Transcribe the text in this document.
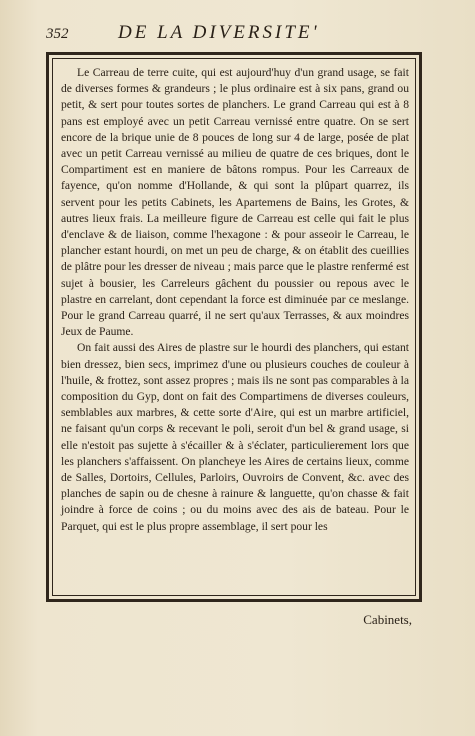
352	DE LA DIVERSITE'

Le Carreau de terre cuite, qui est aujourd'huy d'un grand usage, se fait de diverses formes & grandeurs ; le plus ordinaire est à six pans, grand ou petit, & sert pour toutes sortes de planchers. Le grand Carreau qui est à 8 pans est employé avec un petit Carreau vernissé entre quatre. On se sert encore de la brique unie de 8 pouces de long sur 4 de large, posée de plat avec un petit Carreau vernissé au milieu de quatre de ces briques, dont le Compartiment est en maniere de bâtons rompus. Pour les Carreaux de fayence, qu'on nomme d'Hollande, & qui sont la plûpart quarrez, ils servent pour les petits Cabinets, les Apartemens de Bains, les Grotes, & autres lieux frais. La meilleure figure de Carreau est celle qui fait le plus d'enclave & de liaison, comme l'hexagone : & pour asseoir le Carreau, le plancher estant hourdi, on met un peu de charge, & on établit des cueillies de plâtre pour les dresser de niveau ; mais parce que le plastre renfermé est sujet à bousier, les Carreleurs gâchent du poussier ou repous avec le plastre en carrelant, dont cependant la force est diminuée par ce meslange. Pour le grand Carreau quarré, il ne sert qu'aux Terrasses, & aux moindres Jeux de Paume.

On fait aussi des Aires de plastre sur le hourdi des planchers, qui estant bien dressez, bien secs, imprimez d'une ou plusieurs couches de couleur à l'huile, & frottez, sont assez propres ; mais ils ne sont pas comparables à la composition du Gyp, dont on fait des Compartimens de diverses couleurs, semblables aux marbres, & cette sorte d'Aire, qui est un marbre artificiel, ne faisant qu'un corps & recevant le poli, seroit d'un bel & grand usage, si elle n'estoit pas sujette à s'écailler & à s'éclater, particulierement lors que les planchers s'affaissent. On plancheye les Aires de certains lieux, comme de Salles, Dortoirs, Cellules, Parloirs, Ouvroirs de Convent, &c. avec des planches de sapin ou de chesne à rainure & languette, qu'on chasse & fait joindre à force de coins ; ou du moins avec des ais de bateau. Pour le Parquet, qui est le plus propre assemblage, il sert pour les

Cabinets,
